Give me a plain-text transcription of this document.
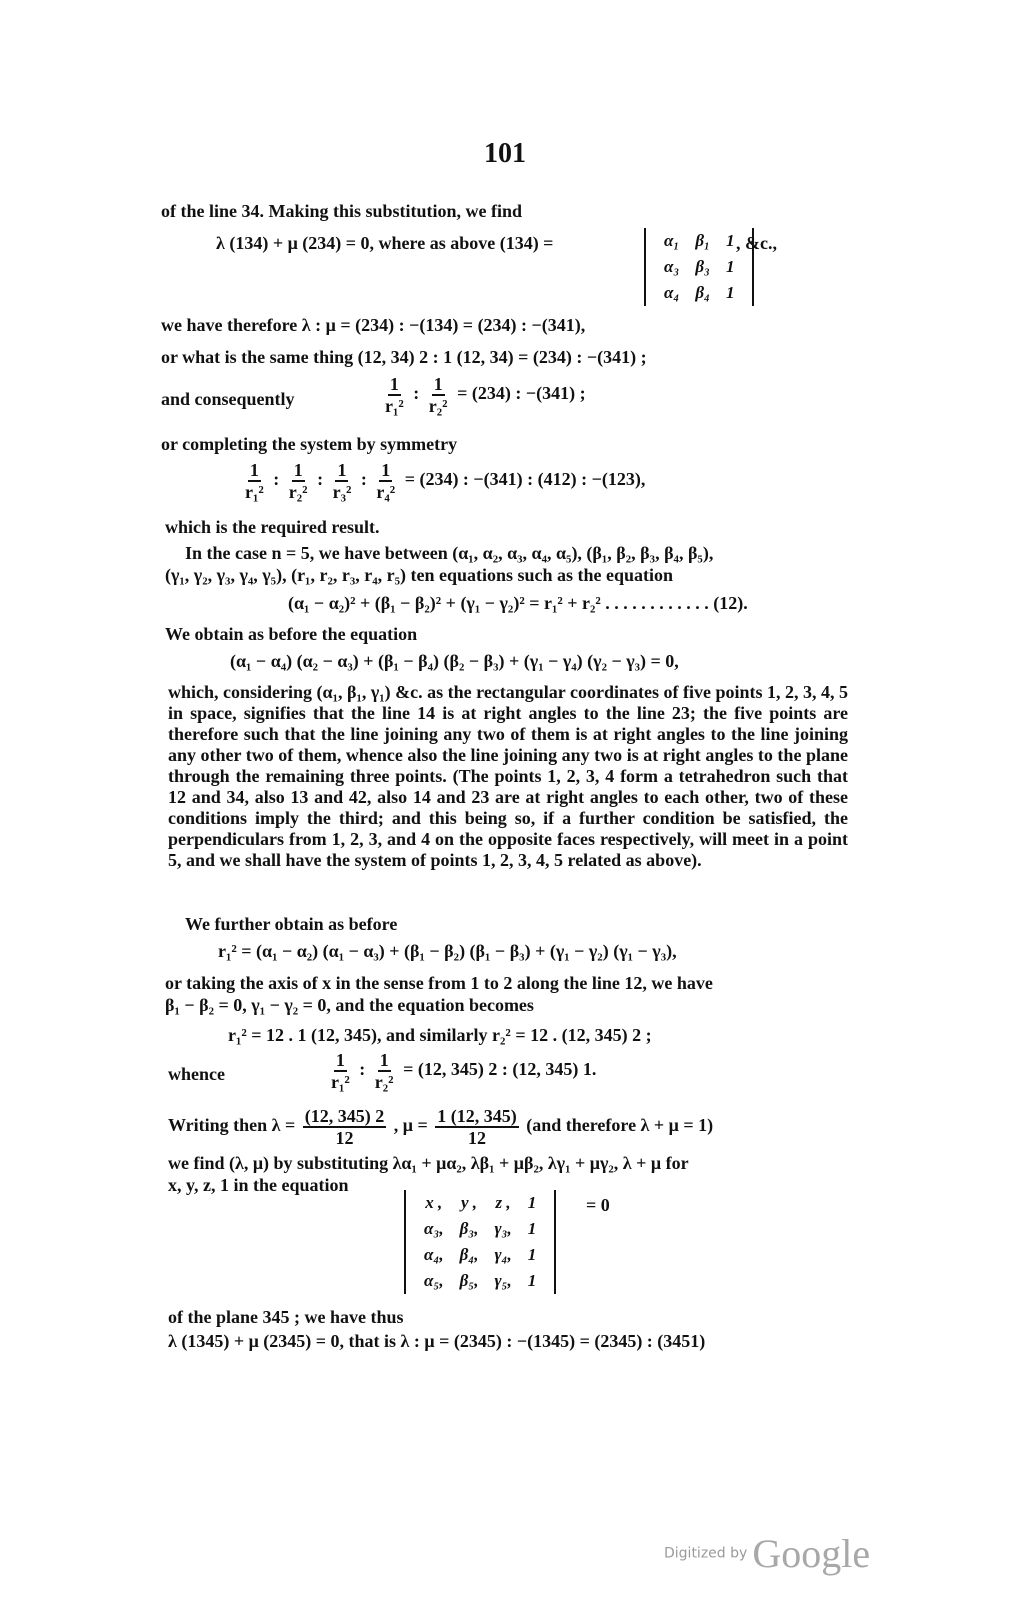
101
of the line 34. Making this substitution, we find
λ (134) + μ (234) = 0, where as above (134) =	α₁	β₁	1
α₃	β₃	1
α₄	β₄	1
, &c.,
we have therefore λ : μ = (234) : −(134) = (234) : −(341),
or what is the same thing (12, 34) 2 : 1 (12, 34) = (234) : −(341) ;
and consequently	$\frac{1}{\text{r₁²}}$ : $\frac{1}{\text{r₂²}} = (234)$ : −(341) ;
or completing the system by symmetry
$\frac{1}{\text{r₁²}}$ : $\frac{1}{\text{r₂²}}$ : $\frac{1}{\text{r₃²}}$ : $\frac{1}{\text{r₄²}} = (234)$ : −(341) : (412) : −(123),
which is the required result.
In the case n = 5, we have between (α₁, α₂, α₃, α₄, α₅), (β₁, β₂, β₃, β₄, β₅),
(γ₁, γ₂, γ₃, γ₄, γ₅), (r₁, r₂, r₃, r₄, r₅) ten equations such as the equation
(α₁ − α₂)² + (β₁ − β₂)² + (γ₁ − γ₂)² = r₁² + r₂² . . . . . . . . . . . . (12).
We obtain as before the equation
(α₁ − α₄) (α₂ − α₃) + (β₁ − β₄) (β₂ − β₃) + (γ₁ − γ₄) (γ₂ − γ₃) = 0,
which, considering (α₁, β₁, γ₁) &c. as the rectangular coordinates of five points 1, 2, 3, 4, 5 in space, signifies that the line 14 is at right angles to the line 23; the five points are therefore such that the line joining any two of them is at right angles to the line joining any other two of them, whence also the line joining any two is at right angles to the plane through the remaining three points. (The points 1, 2, 3, 4 form a tetrahedron such that 12 and 34, also 13 and 42, also 14 and 23 are at right angles to each other, two of these conditions imply the third; and this being so, if a further condition be satisfied, the perpendiculars from 1, 2, 3, and 4 on the opposite faces respectively, will meet in a point 5, and we shall have the system of points 1, 2, 3, 4, 5 related as above).
We further obtain as before
r₁² = (α₁ − α₂) (α₁ − α₃) + (β₁ − β₂) (β₁ − β₃) + (γ₁ − γ₂) (γ₁ − γ₃),
or taking the axis of x in the sense from 1 to 2 along the line 12, we have
β₁ − β₂ = 0, γ₁ − γ₂ = 0, and the equation becomes
r₁² = 12 . 1 (12, 345), and similarly r₂² = 12 . (12, 345) 2 ;
whence	$\frac{1}{\text{r₁²}}$ : $\frac{1}{\text{r₂²}} = (12$, 345) 2 : (12, 345) 1.
Writing then $\lambda = \frac{(12, 345) 2}{12}$ , $\mu = \frac{1 (12, 345)}{12} (and$ therefore λ + μ = 1)
we find (λ, μ) by substituting λα₁ + μα₂, λβ₁ + μβ₂, λγ₁ + μγ₂, λ + μ for
x, y, z, 1 in the equation
x ,	y ,	z ,	1
α₃,	β₃,	γ₃,	1
α₄,	β₄,	γ₄,	1
α₅,	β₅,	γ₅,	1
= 0
of the plane 345 ; we have thus
λ (1345) + μ (2345) = 0, that is λ : μ = (2345) : −(1345) = (2345) : (3451)
Digitized by Google
